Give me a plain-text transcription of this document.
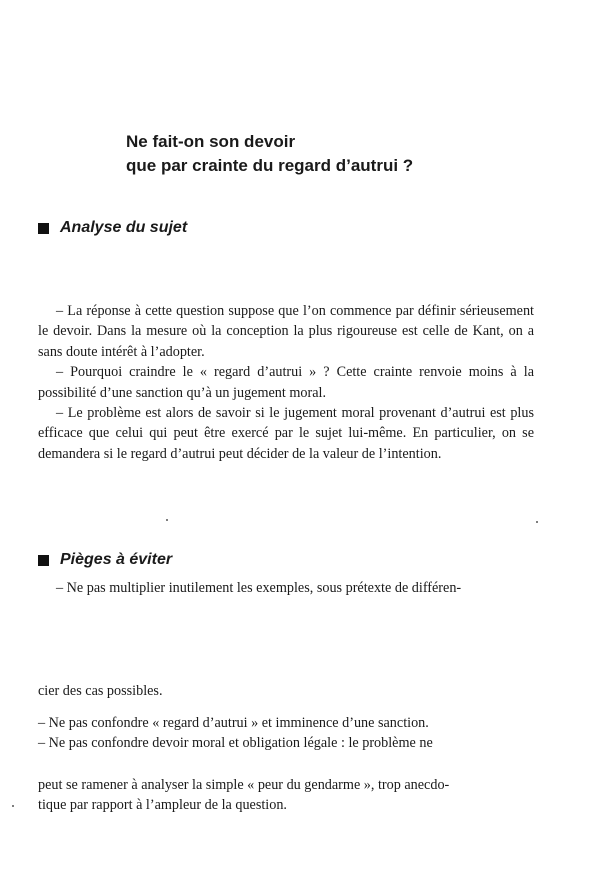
Ne fait-on son devoir
que par crainte du regard d’autrui ?
Analyse du sujet

– La réponse à cette question suppose que l’on commence par définir sérieusement le devoir. Dans la mesure où la conception la plus rigoureuse est celle de Kant, on a sans doute intérêt à l’adopter.

– Pourquoi craindre le « regard d’autrui » ? Cette crainte renvoie moins à la possibilité d’une sanction qu’à un jugement moral.

– Le problème est alors de savoir si le jugement moral provenant d’autrui est plus efficace que celui qui peut être exercé par le sujet lui-même. En particulier, on se demandera si le regard d’autrui peut décider de la valeur de l’intention.

Pièges à éviter
– Ne pas multiplier inutilement les exemples, sous prétexte de différen-
cier des cas possibles.
– Ne pas confondre « regard d’autrui » et imminence d’une sanction.
– Ne pas confondre devoir moral et obligation légale : le problème ne
peut se ramener à analyser la simple « peur du gendarme », trop anecdo-
tique par rapport à l’ampleur de la question.
